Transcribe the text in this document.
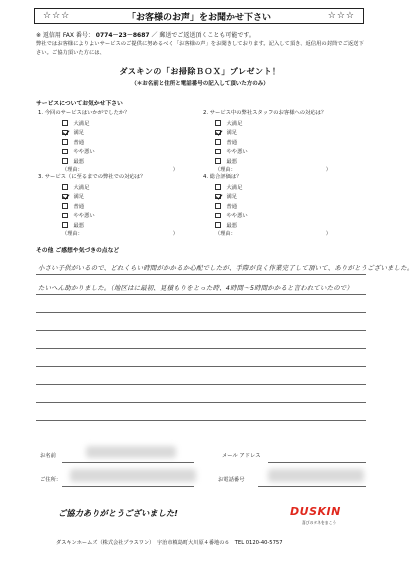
☆☆☆	「お客様のお声」をお聞かせ下さい	☆☆☆
※ 返信用 FAX 番号： 0774－23－8687 ／ 郵送でご返送頂くことも可能です。
弊社ではお客様によりよいサービスのご提供に努めるべく「お客様の声」をお聞きしております。記入して頂き、返信用の封筒でご返送下さい。ご協力頂いた方には、
ダスキンの「お掃除ＢＯＸ」プレゼント！
（＊お名前と住所と電話番号の記入して頂いた方のみ）
サービスについてお気かせ下さい
1. 今回のサービスはいかがでしたか？
大満足
満足
普通
やや悪い
最悪
（理由：	）
2. サービス中の弊社スタッフのお客様への対応は？
大満足
満足
普通
やや悪い
最悪
（理由：	）
3. サービス（に至るまでの弊社での対応は？
大満足
満足
普通
やや悪い
最悪
（理由：	）
4. 総合評価は？
大満足
満足
普通
やや悪い
最悪
（理由：	）
その他 ご感想や気づきの点など
小さい子供がいるので、どれくらい時間がかかるか心配でしたが、手際が良く作業完了して頂いて、ありがとうございました。
たいへん助かりました。（地区はに最初、見積もりをとった時、4時間〜5時間かかると言われていたので）
お名前	メール アドレス
ご住所：	お電話番号
ご協力ありがとうございました!	DUSKIN
喜びのタネをまこう
ダスキンホームズ（株式会社プラスワン）　宇治市槙島町大川原４番地の６　TEL 0120-40-5757
